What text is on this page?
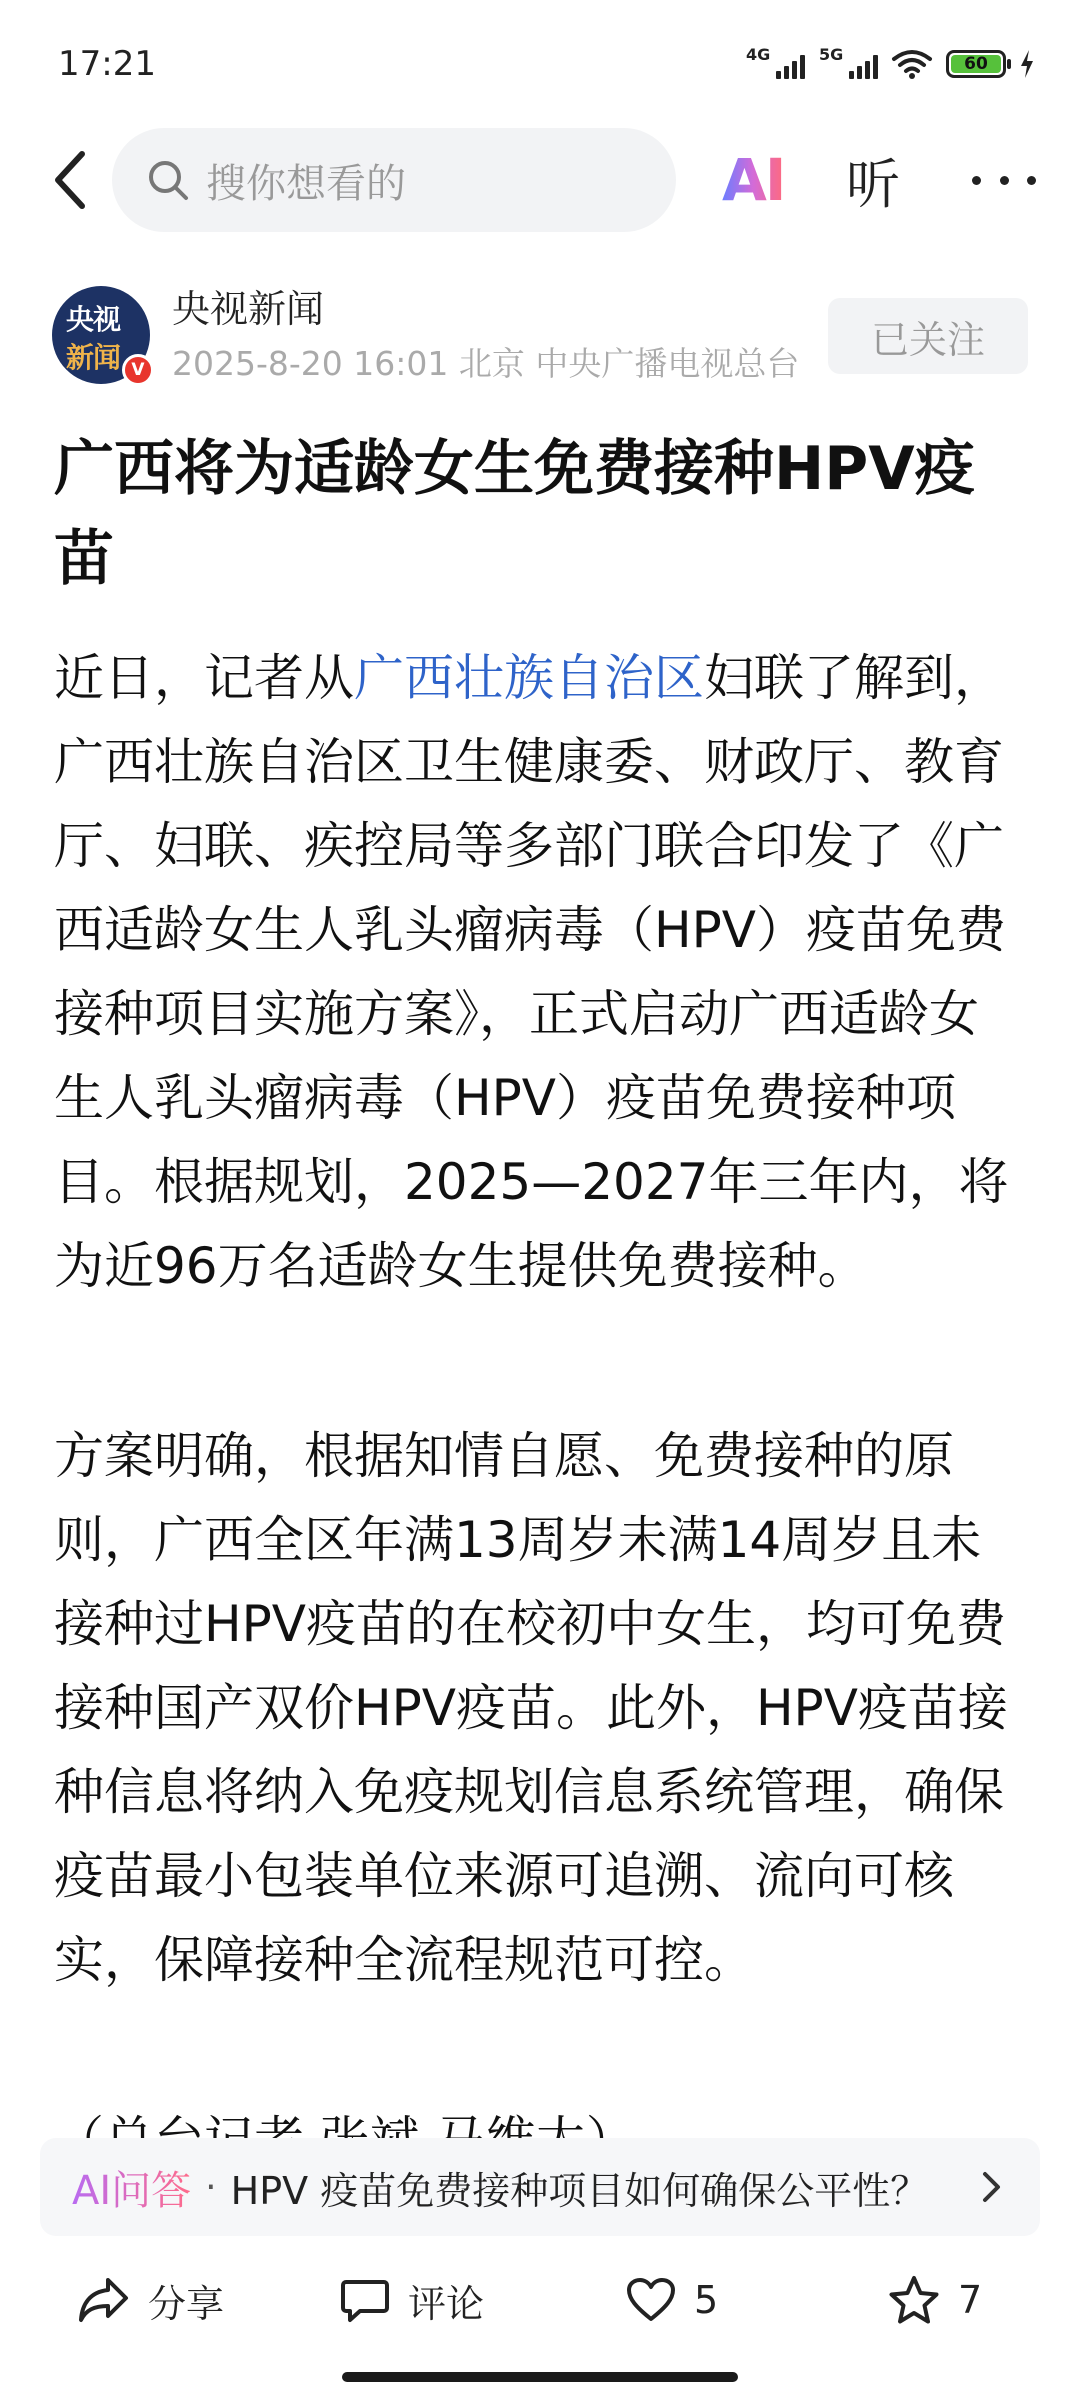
17:21	4G	5G	60
搜你想看的	AI 听
央视
新闻 V
央视新闻
2025-8-20 16:01 北京 中央广播电视总台
已关注
广西将为适龄女生免费接种HPV疫苗

近日，记者从广西壮族自治区妇联了解到，广西壮族自治区卫生健康委、财政厅、教育厅、妇联、疾控局等多部门联合印发了《广西适龄女生人乳头瘤病毒（HPV）疫苗免费接种项目实施方案》，正式启动广西适龄女生人乳头瘤病毒（HPV）疫苗免费接种项目。根据规划，2025—2027年三年内，将为近96万名适龄女生提供免费接种。

方案明确，根据知情自愿、免费接种的原则，广西全区年满13周岁未满14周岁且未接种过HPV疫苗的在校初中女生，均可免费接种国产双价HPV疫苗。此外，HPV疫苗接种信息将纳入免疫规划信息系统管理，确保疫苗最小包装单位来源可追溯、流向可核实，保障接种全流程规范可控。

AI问答 · HPV 疫苗免费接种项目如何确保公平性？
分享	评论	5	7
